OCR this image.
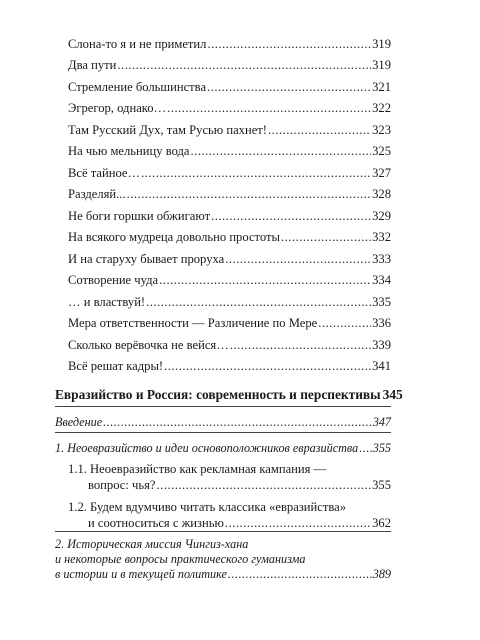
Слона-то я и не приметил .....	319
Два пути .....	319
Стремление большинства .....	321
Эгрегор, однако… .....	322
Там Русский Дух, там Русью пахнет! .....	323
На чью мельницу вода .....	325
Всё тайное… .....	327
Разделяй... .....	328
Не боги горшки обжигают .....	329
На всякого мудреца довольно простоты .....	332
И на старуху бывает проруха .....	333
Сотворение чуда .....	334
… и властвуй! .....	335
Мера ответственности — Различение по Мере .....	336
Сколько верёвочка не вейся… .....	339
Всё решат кадры! .....	341
Евразийство и Россия: современность и перспективы 345
Введение .....	347
1. Неоевразийство и идеи основоположников евразийства ..... 355
1.1. Неоевразийство как рекламная кампания —
вопрос: чья? .....	355
1.2. Будем вдумчиво читать классика «евразийства»
и соотноситься с жизнью .....	362
2. Историческая миссия Чингиз-хана
и некоторые вопросы практического гуманизма
в истории и в текущей политике .....	389
